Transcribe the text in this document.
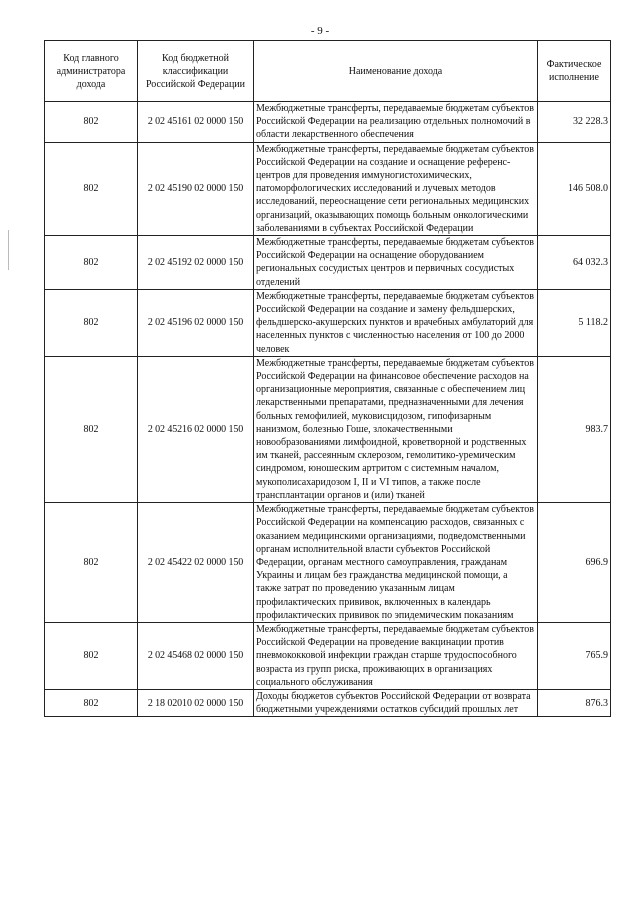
- 9 -
Код главного администратора дохода	Код бюджетной классификации Российской Федерации	Наименование дохода	Фактическое исполнение
802	2 02 45161 02 0000 150	Межбюджетные трансферты, передаваемые бюджетам субъектов Российской Федерации на реализацию отдельных полномочий в области лекарственного обеспечения	32 228.3
802	2 02 45190 02 0000 150	Межбюджетные трансферты, передаваемые бюджетам субъектов Российской Федерации на создание и оснащение референс-центров для проведения иммуногистохимических, патоморфологических исследований и лучевых методов исследований, переоснащение сети региональных медицинских организаций, оказывающих помощь больным онкологическими заболеваниями в субъектах Российской Федерации	146 508.0
802	2 02 45192 02 0000 150	Межбюджетные трансферты, передаваемые бюджетам субъектов Российской Федерации на оснащение оборудованием региональных сосудистых центров и первичных сосудистых отделений	64 032.3
802	2 02 45196 02 0000 150	Межбюджетные трансферты, передаваемые бюджетам субъектов Российской Федерации на создание и замену фельдшерских, фельдшерско-акушерских пунктов и врачебных амбулаторий для населенных пунктов с численностью населения от 100 до 2000 человек	5 118.2
802	2 02 45216 02 0000 150	Межбюджетные трансферты, передаваемые бюджетам субъектов Российской Федерации на финансовое обеспечение расходов на организационные мероприятия, связанные с обеспечением лиц лекарственными препаратами, предназначенными для лечения больных гемофилией, муковисцидозом, гипофизарным нанизмом, болезнью Гоше, злокачественными новообразованиями лимфоидной, кроветворной и родственных им тканей, рассеянным склерозом, гемолитико-уремическим синдромом, юношеским артритом с системным началом, мукополисахаридозом I, II и VI типов, а также после трансплантации органов и (или) тканей	983.7
802	2 02 45422 02 0000 150	Межбюджетные трансферты, передаваемые бюджетам субъектов Российской Федерации на компенсацию расходов, связанных с оказанием медицинскими организациями, подведомственными органам исполнительной власти субъектов Российской Федерации, органам местного самоуправления, гражданам Украины и лицам без гражданства медицинской помощи, а также затрат по проведению указанным лицам профилактических прививок, включенных в календарь профилактических прививок по эпидемическим показаниям	696.9
802	2 02 45468 02 0000 150	Межбюджетные трансферты, передаваемые бюджетам субъектов Российской Федерации на проведение вакцинации против пневмококковой инфекции граждан старше трудоспособного возраста из групп риска, проживающих в организациях социального обслуживания	765.9
802	2 18 02010 02 0000 150	Доходы бюджетов субъектов Российской Федерации от возврата бюджетными учреждениями остатков субсидий прошлых лет	876.3
